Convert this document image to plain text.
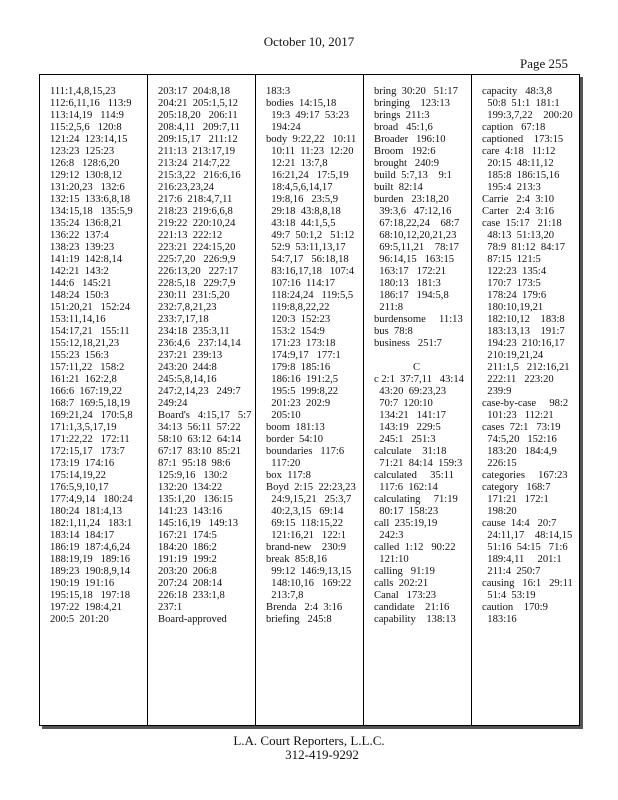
October 10, 2017
Page 255
111:1,4,8,15,23
112:6,11,16   113:9
113:14,19   114:9
115:2,5,6   120:8
121:24  123:14,15
123:23  125:23
126:8   128:6,20
129:12  130:8,12
131:20,23   132:6
132:15  133:6,8,18
134:15,18   135:5,9
135:24  136:8,21
136:22  137:4
138:23  139:23
141:19  142:8,14
142:21  143:2
144:6   145:21
148:24  150:3
151:20,21   152:24
153:11,14,16
154:17,21   155:11
155:12,18,21,23
155:23  156:3
157:11,22   158:2
161:21  162:2,8
166:6  167:19,22
168:7  169:5,18,19
169:21,24   170:5,8
171:1,3,5,17,19
171:22,22   172:11
172:15,17   173:7
173:19  174:16
175:14,19,22
176:5,9,10,17
177:4,9,14   180:24
180:24  181:4,13
182:1,11,24   183:1
183:14  184:17
186:19  187:4,6,24
188:19,19   189:16
189:23  190:8,9,14
190:19  191:16
195:15,18   197:18
197:22  198:4,21
200:5  201:20
203:17  204:8,18
204:21  205:1,5,12
205:18,20   206:11
208:4,11   209:7,11
209:15,17   211:12
211:13  213:17,19
213:24  214:7,22
215:3,22   216:6,16
216:23,23,24
217:6  218:4,7,11
218:23  219:6,6,8
219:22  220:10,24
221:13  222:12
223:21  224:15,20
225:7,20   226:9,9
226:13,20   227:17
228:5,18   229:7,9
230:11  231:5,20
232:7,8,21,23
233:7,17,18
234:18  235:3,11
236:4,6   237:14,14
237:21  239:13
243:20  244:8
245:5,8,14,16
247:2,14,23   249:7
249:24
Board's   4:15,17   5:7
34:13  56:11  57:22
58:10  63:12  64:14
67:17  83:10  85:21
87:1  95:18  98:6
125:9,16   130:2
132:20  134:22
135:1,20   136:15
141:23  143:16
145:16,19   149:13
167:21  174:5
184:20  186:2
191:19  199:2
203:20  206:8
207:24  208:14
226:18  233:1,8
237:1
Board-approved
183:3
bodies  14:15,18
19:3  49:17  53:23
194:24
body  9:22,22   10:11
10:11  11:23  12:20
12:21  13:7,8
16:21,24   17:5,19
18:4,5,6,14,17
19:8,16   23:5,9
29:18  43:8,8,18
43:18  44:1,5,5
49:7  50:1,2   51:12
52:9  53:11,13,17
54:7,17   56:18,18
83:16,17,18   107:4
107:16  114:17
118:24,24   119:5,5
119:8,8,22,22
120:3  152:23
153:2  154:9
171:23  173:18
174:9,17   177:1
179:8  185:16
186:16  191:2,5
195:5  199:8,22
201:23  202:9
205:10
boom  181:13
border  54:10
boundaries   117:6
117:20
box  117:8
Boyd  2:15  22:23,23
24:9,15,21   25:3,7
40:2,3,15   69:14
69:15  118:15,22
121:16,21   122:1
brand-new    230:9
break  85:8,16
99:12  146:9,13,15
148:10,16   169:22
213:7,8
Brenda   2:4  3:16
briefing   245:8
bring  30:20   51:17
bringing    123:13
brings  211:3
broad   45:1,6
Broader   196:10
Broom   192:6
brought   240:9
build  5:7,13    9:1
built  82:14
burden   23:18,20
39:3,6   47:12,16
67:18,22,24    68:7
68:10,12,20,21,23
69:5,11,21    78:17
96:14,15   163:15
163:17   172:21
180:13   181:3
186:17   194:5,8
211:8
burdensome     11:13
bus  78:8
business   251:7
C
c 2:1  37:7,11   43:14
43:20  69:23,23
70:7  120:10
134:21   141:17
143:19   229:5
245:1   251:3
calculate    31:18
71:21  84:14  159:3
calculated     35:11
117:6  162:14
calculating     71:19
80:17  158:23
call  235:19,19
242:3
called  1:12   90:22
121:10
calling   91:19
calls  202:21
Canal   173:23
candidate    21:16
capability    138:13
capacity   48:3,8
50:8  51:1  181:1
199:3,7,22    200:20
caption   67:18
captioned    173:15
care  4:18   11:12
20:15  48:11,12
185:8  186:15,16
195:4  213:3
Carrie   2:4  3:10
Carter   2:4  3:16
case  15:17   21:18
48:13  51:13,20
78:9  81:12  84:17
87:15  121:5
122:23  135:4
170:7  173:5
178:24  179:6
180:10,19,21
182:10,12    183:8
183:13,13    191:7
194:23  210:16,17
210:19,21,24
211:1,5   212:16,21
222:11   223:20
239:9
case-by-case     98:2
101:23   112:21
cases  72:1   73:19
74:5,20   152:16
183:20   184:4,9
226:15
categories     167:23
category   168:7
171:21   172:1
198:20
cause  14:4   20:7
24:11,17    48:14,15
51:16  54:15   71:6
189:4,11     201:1
211:4  250:7
causing   16:1   29:11
51:4  53:19
caution    170:9
183:16
L.A. Court Reporters, L.L.C.
312-419-9292
